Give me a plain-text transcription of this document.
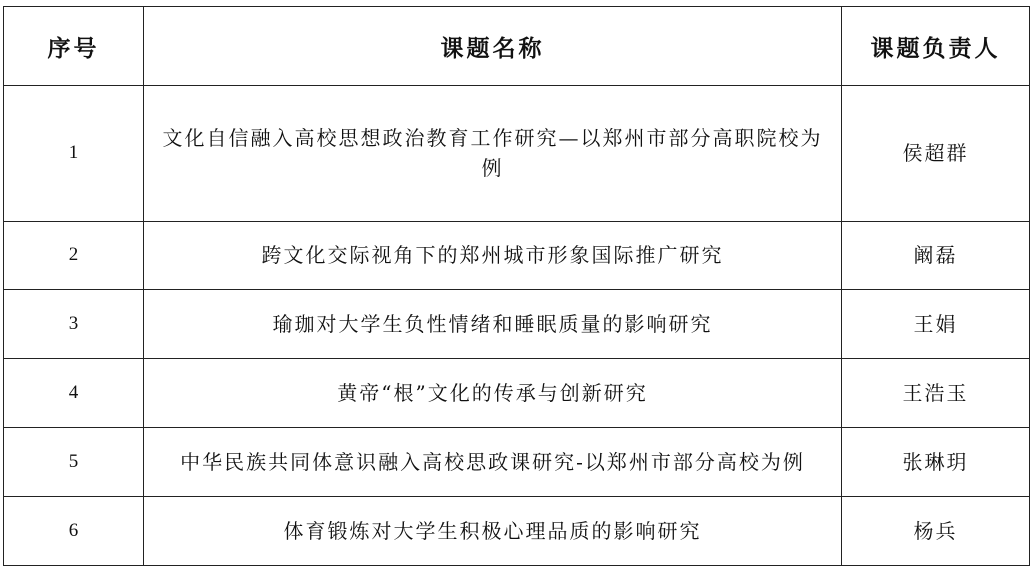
序号	课题名称	课题负责人
1	文化自信融入高校思想政治教育工作研究—以郑州市部分高职院校为例	侯超群
2	跨文化交际视角下的郑州城市形象国际推广研究	阚磊
3	瑜珈对大学生负性情绪和睡眠质量的影响研究	王娟
4	黄帝“根”文化的传承与创新研究	王浩玉
5	中华民族共同体意识融入高校思政课研究-以郑州市部分高校为例	张琳玥
6	体育锻炼对大学生积极心理品质的影响研究	杨兵
